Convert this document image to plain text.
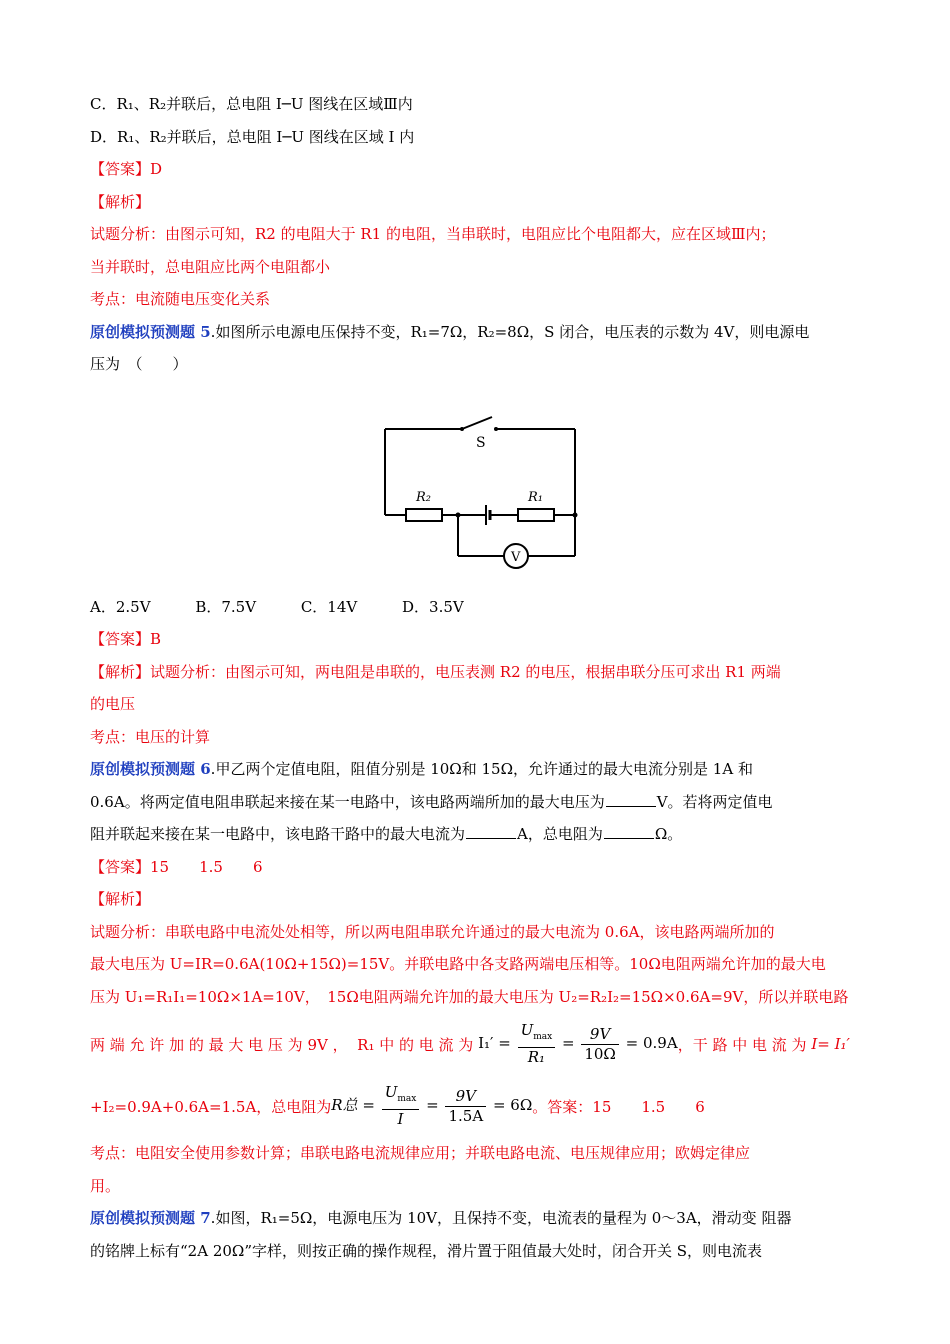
C．R₁、R₂并联后，总电阻 I─U 图线在区域Ⅲ内
D．R₁、R₂并联后，总电阻 I─U 图线在区域 I 内
【答案】D
【解析】
试题分析：由图示可知，R2 的电阻大于 R1 的电阻，当串联时，电阻应比个电阻都大，应在区域Ⅲ内；
当并联时，总电阻应比两个电阻都小
考点：电流随电压变化关系
原创模拟预测题 5.如图所示电源电压保持不变，R₁=7Ω，R₂=8Ω，S 闭合，电压表的示数为 4V，则电源电
压为　（　　）
S
R₂	R₁
V
A．2.5V	B．7.5V	C．14V	D．3.5V
【答案】B
【解析】试题分析：由图示可知，两电阻是串联的，电压表测 R2 的电压，根据串联分压可求出 R1 两端
的电压
考点：电压的计算
原创模拟预测题 6.甲乙两个定值电阻，阻值分别是 10Ω和 15Ω，允许通过的最大电流分别是 1A 和
0.6A。将两定值电阻串联起来接在某一电路中，该电路两端所加的最大电压为	V。若将两定值电
阻并联起来接在某一电路中，该电路干路中的最大电流为	A，总电阻为	Ω。
【答案】15　　1.5　　6
【解析】
试题分析：串联电路中电流处处相等，所以两电阻串联允许通过的最大电流为 0.6A，该电路两端所加的
最大电压为 U=IR=0.6A(10Ω+15Ω)=15V。并联电路中各支路两端电压相等。10Ω电阻两端允许加的最大电
压为 U₁=R₁I₁=10Ω×1A=10V，　15Ω电阻两端允许加的最大电压为 U₂=R₂I₂=15Ω×0.6A=9V，所以并联电路
两 端 允 许 加 的 最 大 电 压 为 9V ，
R₁ 中 的 电 流 为
$I_1' = \frac{U_{max}}{\text{R₁}} = \frac{9V}{10\Omega} = 0.9A$ ，干 路 中 电 流 为
I= I₁′
+I₂=0.9A+0.6A=1.5A，总电阻为 R总 = $\frac{U_{max}}{I} = \frac{9V}{1.5A} = 6\Omega$ 。答案：15　　1.5　　6
考点：电阻安全使用参数计算；串联电路电流规律应用；并联电路电流、电压规律应用；欧姆定律应
用。
原创模拟预测题 7.如图，R₁=5Ω，电源电压为 10V，且保持不变，电流表的量程为 0～3A，滑动变 阻器
的铭牌上标有“2A 20Ω”字样，则按正确的操作规程，滑片置于阻值最大处时，闭合开关 S，则电流表
